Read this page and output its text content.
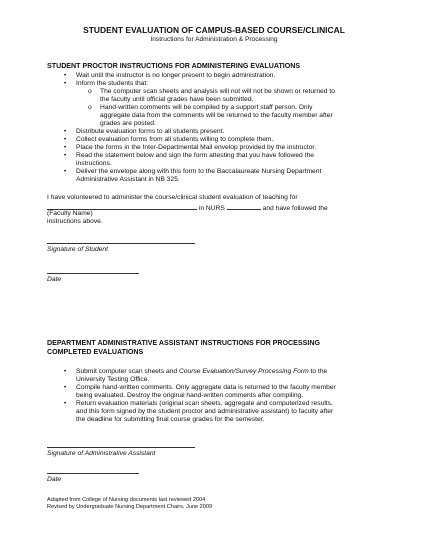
STUDENT EVALUATION OF CAMPUS-BASED COURSE/CLINICAL
Instructions for Administration & Processing
STUDENT PROCTOR INSTRUCTIONS FOR ADMINISTERING EVALUATIONS
• Wait until the instructor is no longer present to begin administration.
• Inform the students that:
o The computer scan sheets and analysis will not will not be shown or returned to
the faculty until official grades have been submitted.
o Hand-written comments will be compiled by a support staff person. Only
aggregate data from the comments will be returned to the faculty member after
grades are posted.
• Distribute evaluation forms to all students present.
• Collect evaluation forms from all students willing to complete them.
• Place the forms in the Inter-Departmental Mail envelop provided by the instructor.
• Read the statement below and sign the form attesting that you have followed the
instructions.
• Deliver the envelope along with this form to the Baccalaureate Nursing Department
Administrative Assistant in NB 325.
I have volunteered to administer the course/clinical student evaluation of teaching for
in NURS	and have followed the
(Faculty Name)
instructions above.
Signature of Student
Date
DEPARTMENT ADMINISTRATIVE ASSISTANT INSTRUCTIONS FOR PROCESSING
COMPLETED EVALUATIONS
• Submit computer scan sheets and Course Evaluation/Survey Processing Form to the
University Testing Office.
• Compile hand-written comments. Only aggregate data is returned to the faculty member
being evaluated. Destroy the original hand-written comments after compiling.
• Return evaluation materials (original scan sheets, aggregate and computerized results,
and this form signed by the student proctor and administrative assistant) to faculty after
the deadline for submitting final course grades for the semester.
Signature of Administrative Assistant
Date
Adapted from College of Nursing documents last reviewed 2004
Revised by Undergraduate Nursing Department Chairs, June 2009
